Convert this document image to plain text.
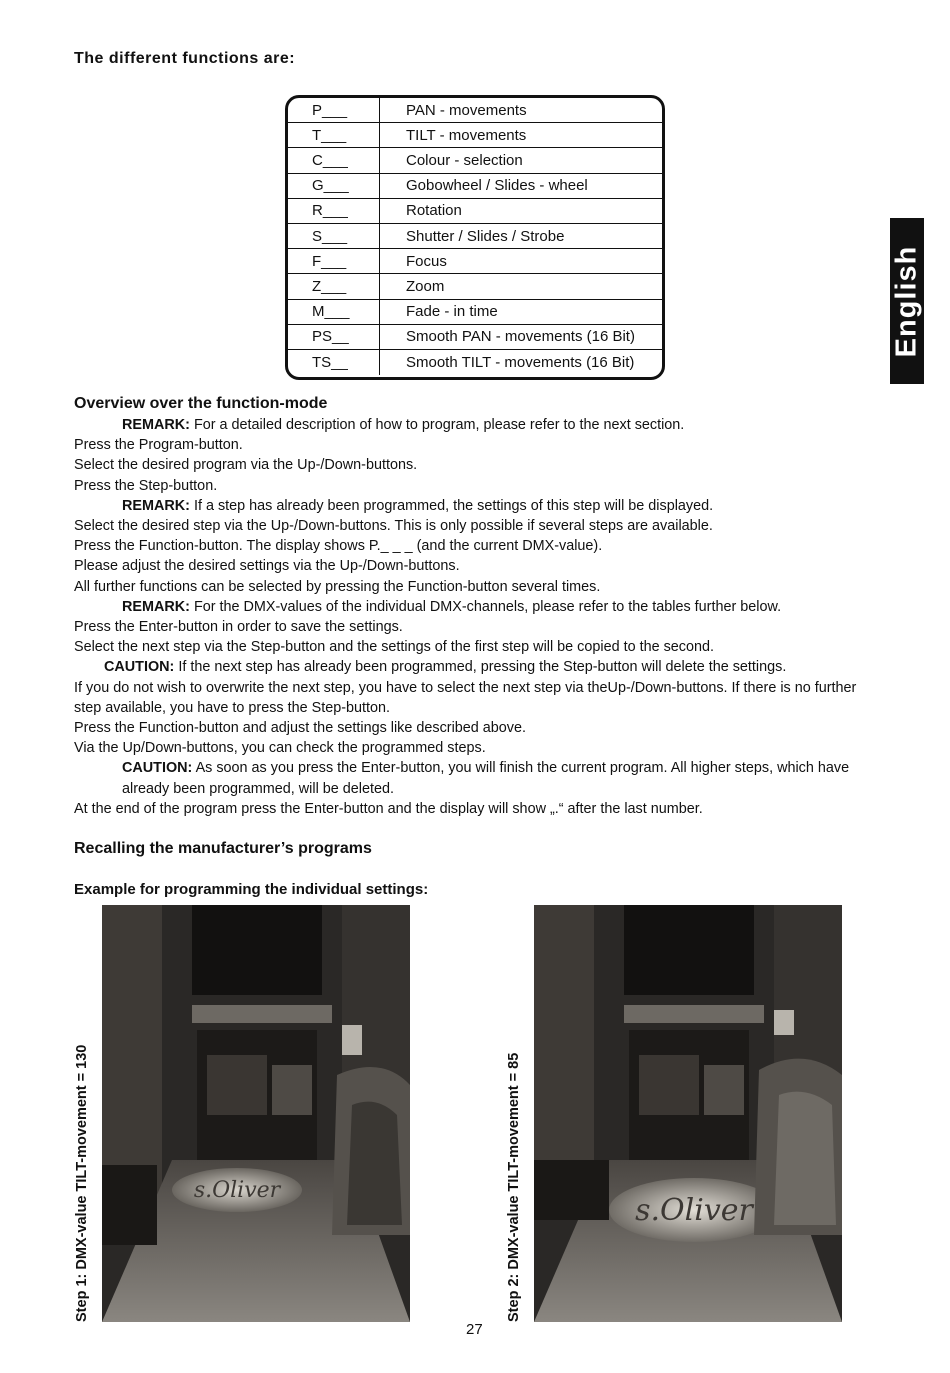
The different functions are:
English
P___	PAN - movements
T___	TILT - movements
C___	Colour - selection
G___	Gobowheel / Slides - wheel
R___	Rotation
S___	Shutter / Slides / Strobe
F___	Focus
Z___	Zoom
M___	Fade - in time
PS__	Smooth PAN - movements (16 Bit)
TS__	Smooth TILT - movements (16 Bit)
Overview over the function-mode

REMARK: For a detailed description of how to program, please refer to the next section.

Press the Program-button.

Select the desired program via the Up-/Down-buttons.

Press the Step-button.

REMARK: If a step has already been programmed, the settings of this step will be displayed.

Select the desired step via the Up-/Down-buttons. This is only possible if several steps are available.

Press the Function-button. The display shows P._ _ _ (and the current DMX-value).

Please adjust the desired settings via the Up-/Down-buttons.

All further functions can be selected by pressing the Function-button several times.

REMARK: For the DMX-values of the individual DMX-channels, please refer to the tables further below.

Press the Enter-button in order to save the settings.

Select the next step via the Step-button and the settings of the first step will be copied to the second.

CAUTION: If the next step has already been programmed, pressing the Step-button will delete the settings.

If you do not wish to overwrite the next step, you have to select the next step via theUp-/Down-buttons. If there is no further step available, you have to press the Step-button.

Press the Function-button and adjust the settings like described above.

Via the Up/Down-buttons, you can check the programmed steps.

CAUTION: As soon as you press the Enter-button, you will finish the current program. All higher steps, which have already been programmed, will be deleted.

At the end of the program press the Enter-button and the display will show „.“ after the last number.

Recalling the manufacturer’s programs
Example for programming the individual settings:
Step 1: DMX-value TILT-movement = 130	s.Oliver	Step 2: DMX-value TILT-movement = 85	s.Oliver
27
